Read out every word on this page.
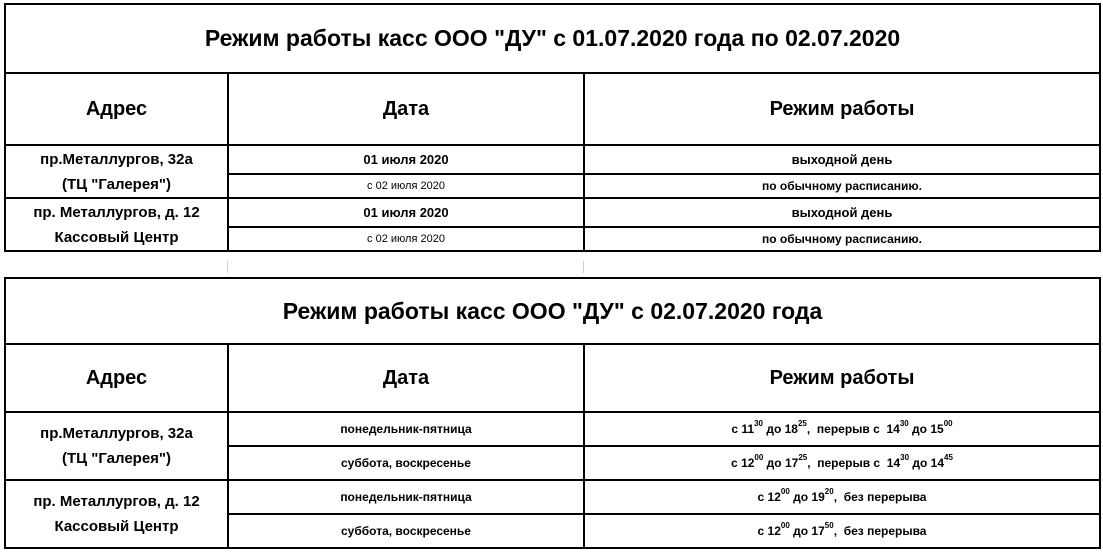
Режим работы касс ООО "ДУ" с 01.07.2020 года по 02.07.2020		
Адрес	Дата	Режим работы

пр.Металлургов, 32а
(ТЦ "Галерея")	01 июля 2020	выходной день
	с 02 июля 2020	по обычному расписанию.

пр. Металлургов, д. 12
Кассовый Центр	01 июля 2020	выходной день
	с 02 июля 2020	по обычному расписанию.
Режим работы касс ООО "ДУ" с 02.07.2020 года		
Адрес	Дата	Режим работы

пр.Металлургов, 32а
(ТЦ "Галерея")	понедельник-пятница	с $11^{30}$ до $18^{25}$,  перерыв с  $14^{30}$ до $15^{00}$
	суббота, воскресенье	с $12^{00}$ до $17^{25}$,  перерыв с  $14^{30}$ до $14^{45}$

пр. Металлургов, д. 12
Кассовый Центр	понедельник-пятница	с $12^{00}$ до $19^{20}$,  без перерыва
	суббота, воскресенье	с $12^{00}$ до $17^{50}$,  без перерыва
